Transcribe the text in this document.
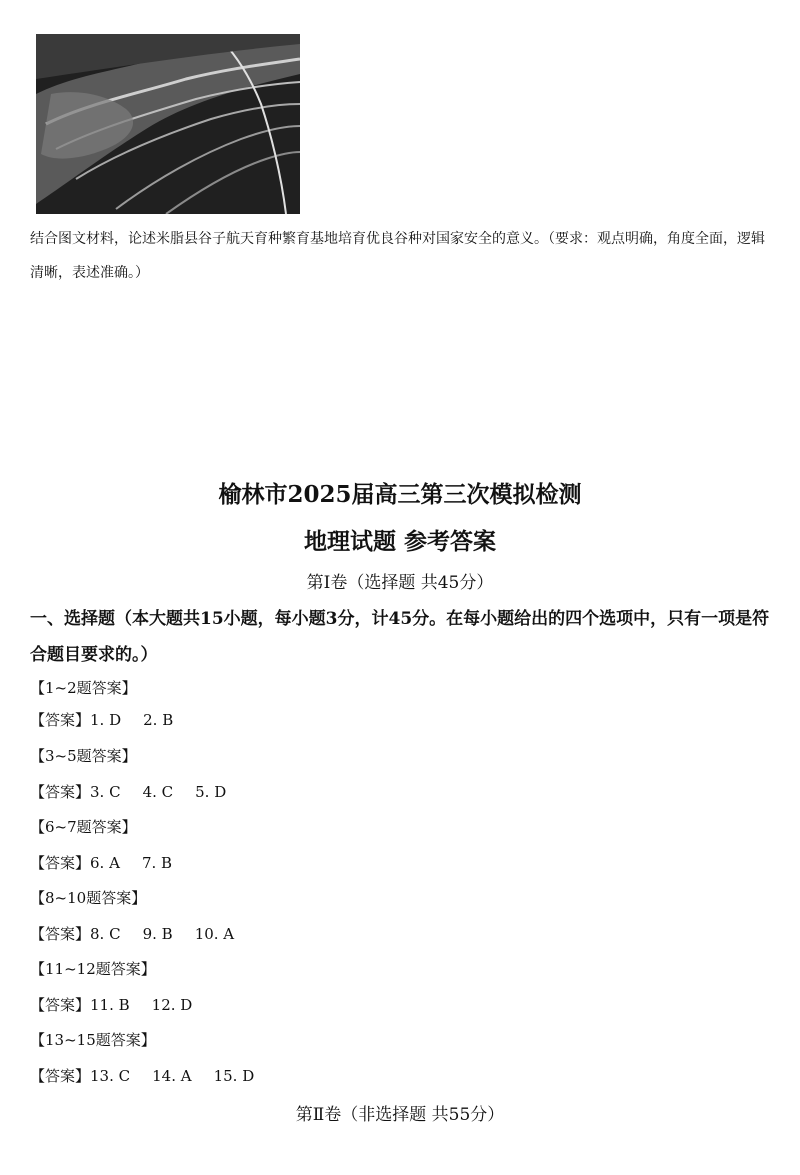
结合图文材料，论述米脂县谷子航天育种繁育基地培育优良谷种对国家安全的意义。（要求：观点明确，角度全面，逻辑清晰，表述准确。）

榆林市2025届高三第三次模拟检测
地理试题 参考答案
第Ⅰ卷（选择题 共45分）

一、选择题（本大题共15小题，每小题3分，计45分。在每小题给出的四个选项中，只有一项是符合题目要求的。）

【1~2题答案】
【答案】1. D 2. B
【3~5题答案】
【答案】3. C 4. C 5. D
【6~7题答案】
【答案】6. A 7. B
【8~10题答案】
【答案】8. C 9. B 10. A
【11~12题答案】
【答案】11. B 12. D
【13~15题答案】
【答案】13. C 14. A 15. D
第Ⅱ卷（非选择题 共55分）
